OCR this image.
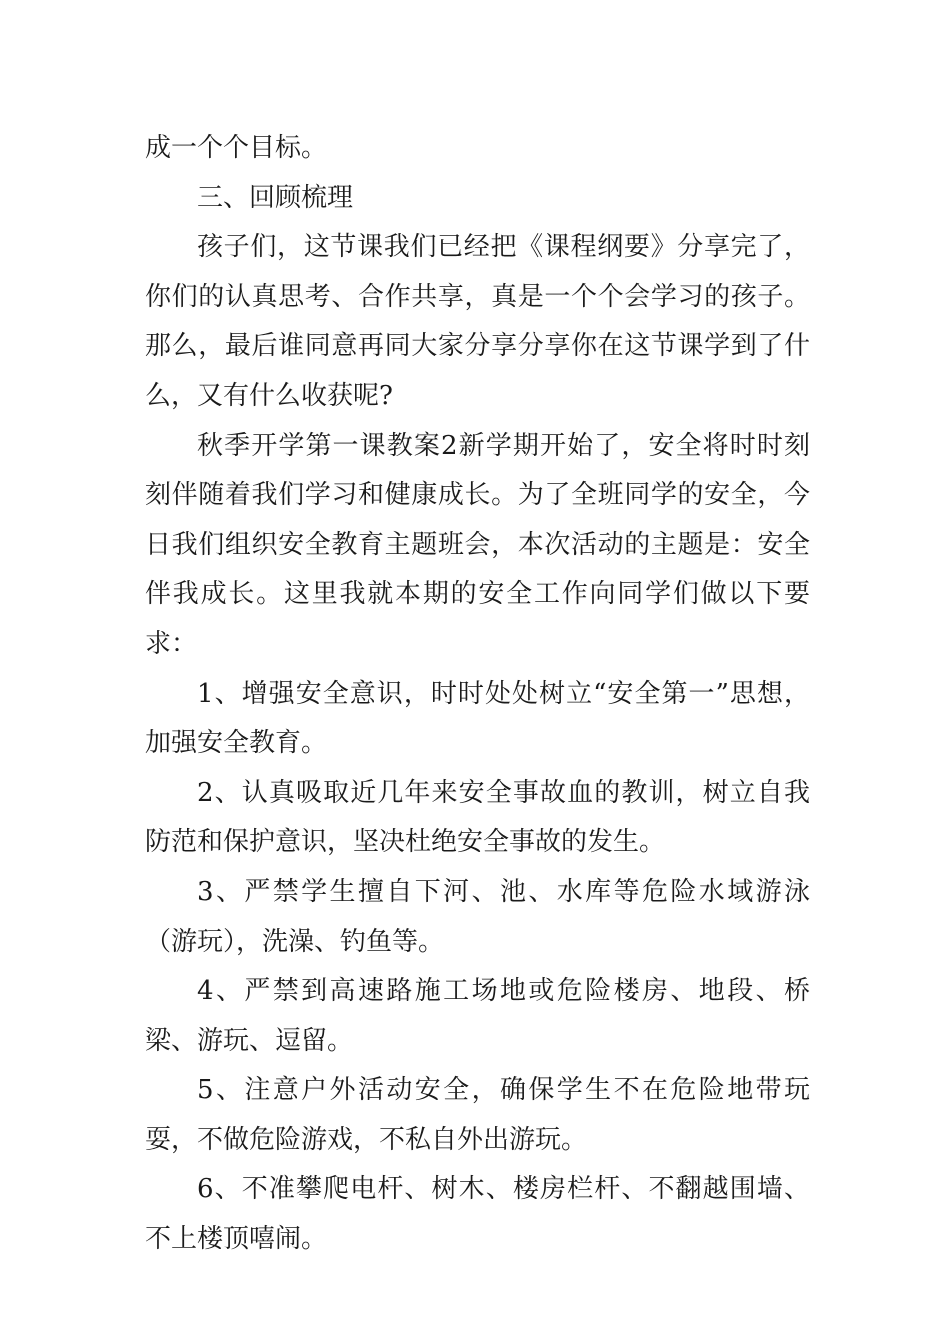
成一个个目标。

三、回顾梳理

孩子们，这节课我们已经把《课程纲要》分享完了，你们的认真思考、合作共享，真是一个个会学习的孩子。那么，最后谁同意再同大家分享分享你在这节课学到了什么，又有什么收获呢?

秋季开学第一课教案2新学期开始了，安全将时时刻刻伴随着我们学习和健康成长。为了全班同学的安全，今日我们组织安全教育主题班会，本次活动的主题是：安全伴我成长。这里我就本期的安全工作向同学们做以下要求：

1、增强安全意识，时时处处树立“安全第一”思想，加强安全教育。

2、认真吸取近几年来安全事故血的教训，树立自我防范和保护意识，坚决杜绝安全事故的发生。

3、严禁学生擅自下河、池、水库等危险水域游泳（游玩），洗澡、钓鱼等。

4、严禁到高速路施工场地或危险楼房、地段、桥梁、游玩、逗留。

5、注意户外活动安全，确保学生不在危险地带玩耍，不做危险游戏，不私自外出游玩。

6、不准攀爬电杆、树木、楼房栏杆、不翻越围墙、不上楼顶嘻闹。
